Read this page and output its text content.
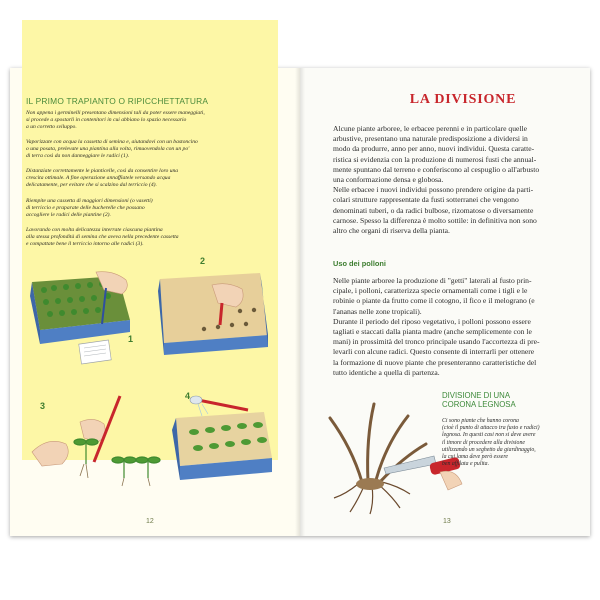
IL PRIMO TRAPIANTO O RIPICCHETTATURA
Non appena i germinelli presentano dimensioni tali da poter essere maneggiati,
si procede a spostarli in contenitori in cui abbiano lo spazio necessario
a un corretto sviluppo.
Vaporizzate con acqua la cassetta di semina e, aiutandovi con un bastoncino
o una posata, prelevate una piantina alla volta, rimuovendola con un po'
di terra così da non danneggiare le radici (1).
Distanziate correttamente le pianticelle, così da consentire loro una
crescita ottimale. A fine operazione annaffiatele versando acqua
delicatamente, per evitare che si scalzino dal terriccio (4).
Riempite una cassetta di maggiori dimensioni (o vasetti)
di terriccio e praparate delle bucherelle che possano
accogliere le radici delle piantine (2).
Lavorando con molta delicatezza interrate ciascuna piantina
alla stessa profondità di semina che aveva nella precedente cassetta
e compattate bene il terriccio intorno alle radici (3).
1
2
3
4
12
LA DIVISIONE
Alcune piante arboree, le erbacee perenni e in particolare quelle
arbustive, presentano una naturale predisposizione a dividersi in
modo da produrre, anno per anno, nuovi individui. Questa caratte-
ristica si evidenzia con la produzione di numerosi fusti che annual-
mente spuntano dal terreno e conferiscono al cespuglio o all'arbusto
una conformazione densa e globosa.
Nelle erbacee i nuovi individui possono prendere origine da parti-
colari strutture rappresentate da fusti sotterranei che vengono
denominati tuberi, o da radici bulbose, rizomatose o diversamente
carnose. Spesso la differenza è molto sottile: in definitiva non sono
altro che organi di riserva della pianta.
Uso dei polloni
Nelle piante arboree la produzione di "getti" laterali al fusto prin-
cipale, i polloni, caratterizza specie ornamentali come i tigli e le
robinie o piante da frutto come il cotogno, il fico e il melograno (e
l'ananas nelle zone tropicali).
Durante il periodo del riposo vegetativo, i polloni possono essere
tagliati e staccati dalla pianta madre (anche semplicemente con le
mani) in prossimità del tronco principale usando l'accortezza di pre-
levarli con alcune radici. Questo consente di interrarli per ottenere
la formazione di nuove piante che presenteranno caratteristiche del
tutto identiche a quella di partenza.
DIVISIONE DI UNA
CORONA LEGNOSA
Ci sono piante che hanno corona
(cioè il punto di attacco tra fusto e radici)
legnosa. In questi casi non si deve avere
il timore di procedere alla divisione
utilizzando un seghetto da giardinaggio,
la cui lama deve però essere
ben affilata e pulita.
13
